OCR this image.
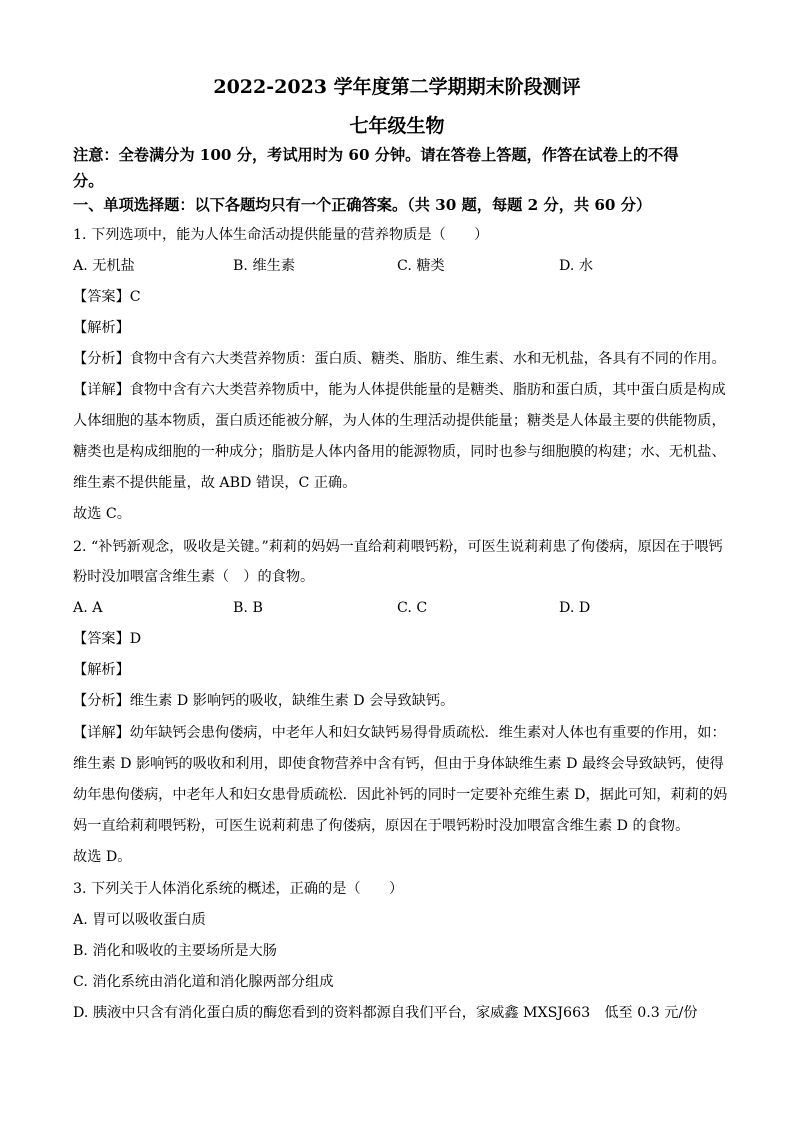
2022-2023 学年度第二学期期末阶段测评
七年级生物
注意：全卷满分为 100 分，考试用时为 60 分钟。请在答卷上答题，作答在试卷上的不得
分。
一、单项选择题：以下各题均只有一个正确答案。（共 30 题，每题 2 分，共 60 分）
1. 下列选项中，能为人体生命活动提供能量的营养物质是（　　）
A. 无机盐	B. 维生素	C. 糖类	D. 水
【答案】C
【解析】
【分析】食物中含有六大类营养物质：蛋白质、糖类、脂肪、维生素、水和无机盐，各具有不同的作用。
【详解】食物中含有六大类营养物质中，能为人体提供能量的是糖类、脂肪和蛋白质，其中蛋白质是构成
人体细胞的基本物质，蛋白质还能被分解，为人体的生理活动提供能量；糖类是人体最主要的供能物质，
糖类也是构成细胞的一种成分；脂肪是人体内备用的能源物质，同时也参与细胞膜的构建；水、无机盐、
维生素不提供能量，故 ABD 错误，C 正确。
故选 C。
2. “补钙新观念，吸收是关键。”莉莉的妈妈一直给莉莉喂钙粉，可医生说莉莉患了佝偻病，原因在于喂钙
粉时没加喂富含维生素（　）的食物。
A. A	B. B	C. C	D. D
【答案】D
【解析】
【分析】维生素 D 影响钙的吸收，缺维生素 D 会导致缺钙。
【详解】幼年缺钙会患佝偻病，中老年人和妇女缺钙易得骨质疏松．维生素对人体也有重要的作用，如：
维生素 D 影响钙的吸收和利用，即使食物营养中含有钙，但由于身体缺维生素 D 最终会导致缺钙，使得
幼年患佝偻病，中老年人和妇女患骨质疏松．因此补钙的同时一定要补充维生素 D，据此可知，莉莉的妈
妈一直给莉莉喂钙粉，可医生说莉莉患了佝偻病，原因在于喂钙粉时没加喂富含维生素 D 的食物。
故选 D。
3. 下列关于人体消化系统的概述，正确的是（　　）
A. 胃可以吸收蛋白质
B. 消化和吸收的主要场所是大肠
C. 消化系统由消化道和消化腺两部分组成
D. 胰液中只含有消化蛋白质的酶您看到的资料都源自我们平台，家威鑫 MXSJ663　低至 0.3 元/份
